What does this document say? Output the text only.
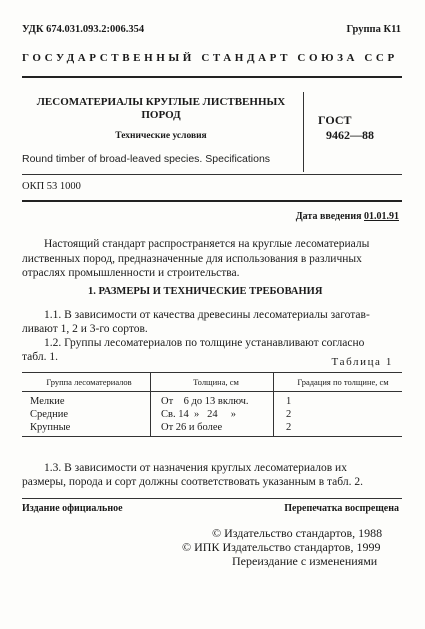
УДК 674.031.093.2:006.354	Группа К11
ГОСУДАРСТВЕННЫЙ СТАНДАРТ СОЮЗА ССР
ЛЕСОМАТЕРИАЛЫ КРУГЛЫЕ ЛИСТВЕННЫХ ПОРОД
Технические условия
Round timber of broad-leaved species. Specifications
ГОСТ
9462—88
ОКП 53 1000
Дата введения 01.01.91
Настоящий стандарт распространяется на круглые лесоматериалы
лиственных пород, предназначенные для использования в различных
отраслях промышленности и строительства.
1. РАЗМЕРЫ И ТЕХНИЧЕСКИЕ ТРЕБОВАНИЯ
1.1. В зависимости от качества древесины лесоматериалы заготав-
ливают 1, 2 и 3-го сортов.
1.2. Группы лесоматериалов по толщине устанавливают согласно
табл. 1.	Таблица 1
Группа лесоматериалов	Толщина, см	Градация по толщине, см
Мелкие	От    6 до 13 включ.	1
Средние	Св. 14  »   24     »	2
Крупные	От 26 и более	2
1.3. В зависимости от назначения круглых лесоматериалов их
размеры, порода и сорт должны соответствовать указанным в табл. 2.
Издание официальное	Перепечатка воспрещена
© Издательство стандартов, 1988
© ИПК Издательство стандартов, 1999
Переиздание с изменениями
